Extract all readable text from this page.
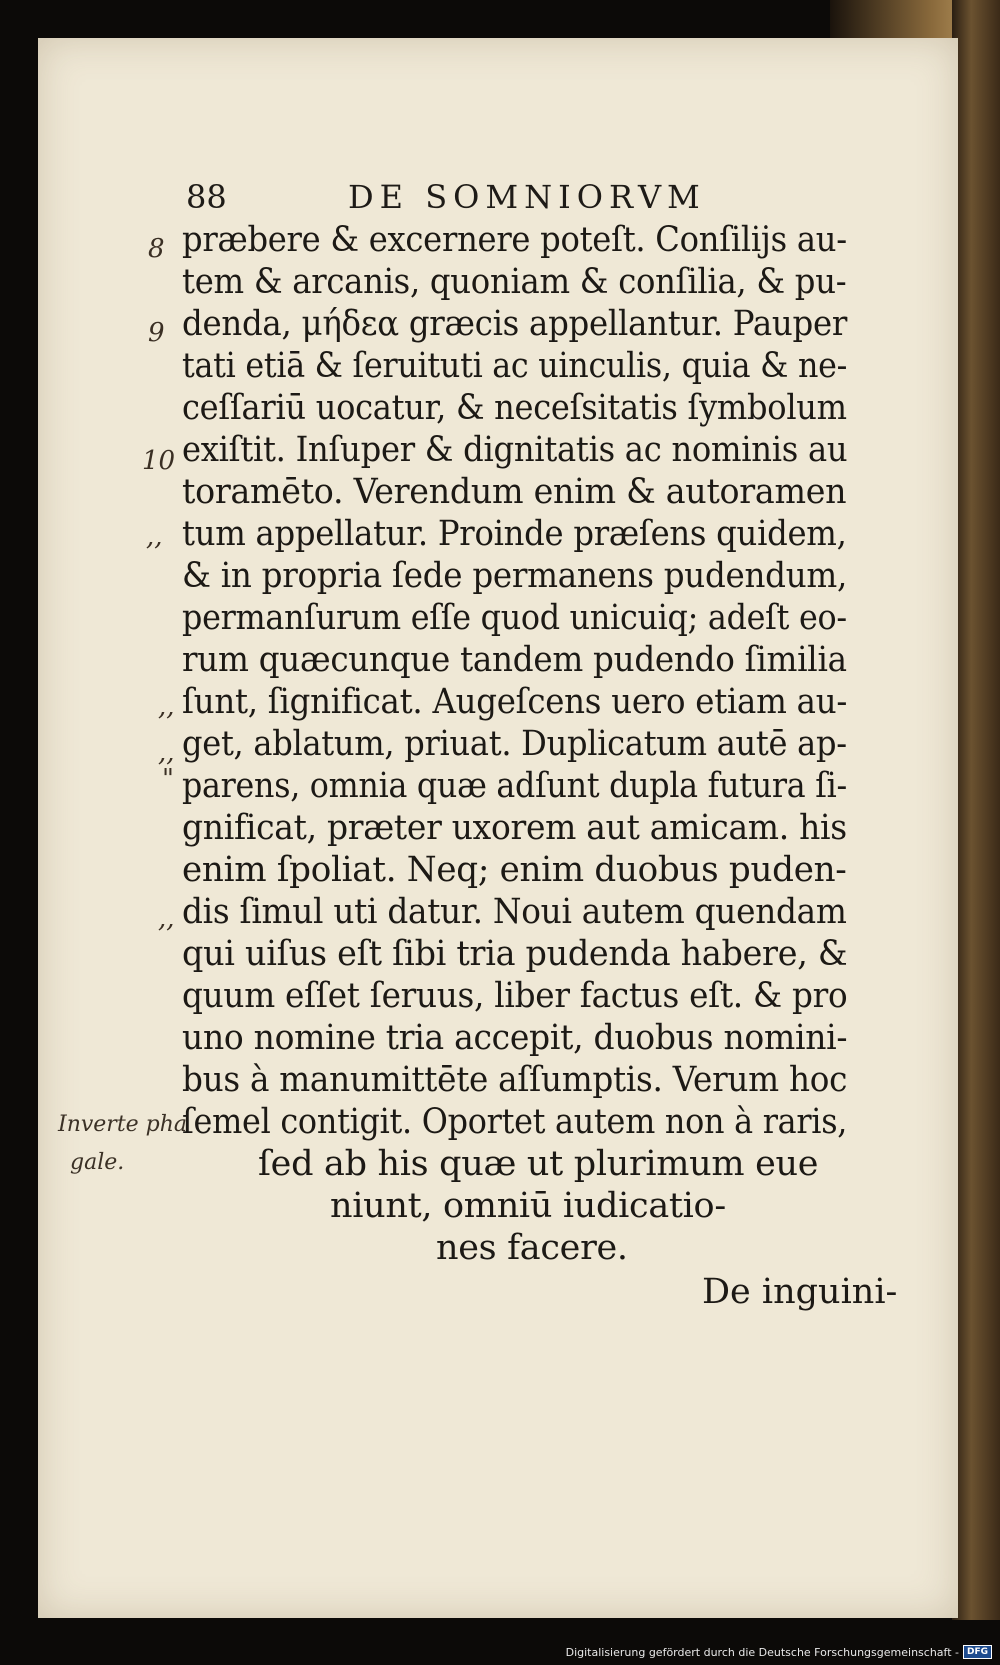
88	DE SOMNIORVM
præbere & excernere poteſt. Conſilijs au-
tem & arcanis, quoniam & conſilia, & pu-
denda, μήδεα græcis appellantur. Pauper
tati etiā & ſeruituti ac uinculis, quia & ne-
ceſſariū uocatur, & neceſsitatis ſymbolum
exiſtit. Inſuper & dignitatis ac nominis au
toramēto. Verendum enim & autoramen
tum appellatur. Proinde præſens quidem,
& in propria ſede permanens pudendum,
permanſurum eſſe quod unicuiq; adeſt eo-
rum quæcunque tandem pudendo ſimilia
ſunt, ſignificat. Augeſcens uero etiam au-
get, ablatum, priuat. Duplicatum autē ap-
parens, omnia quæ adſunt dupla futura ſi-
gnificat, præter uxorem aut amicam. his
enim ſpoliat. Neq; enim duobus puden-
dis ſimul uti datur. Noui autem quendam
qui uiſus eſt ſibi tria pudenda habere, &
quum eſſet ſeruus, liber factus eſt. & pro
uno nomine tria accepit, duobus nomini-
bus à manumittēte aſſumptis. Verum hoc
ſemel contigit. Oportet autem non à raris,
ſed ab his quæ ut plurimum eue
niunt, omniū iudicatio-
nes facere.
8
9
10
,,
,,
,,
"
,,
Inverte pha
gale.
De inguini-
Digitalisierung gefördert durch die Deutsche Forschungsgemeinschaft - DFG
